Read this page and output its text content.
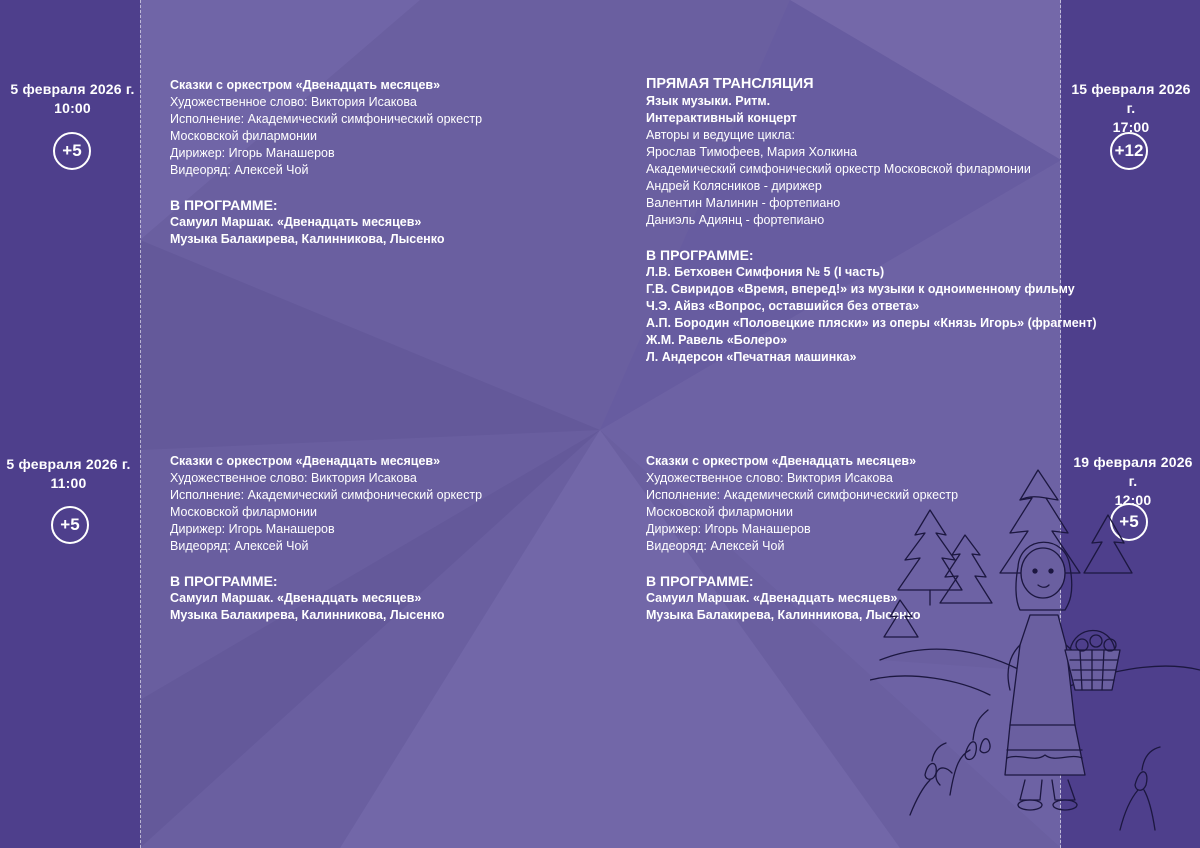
5 февраля 2026 г.
10:00
+5
5 февраля 2026 г.
11:00
+5
15 февраля 2026 г.
17:00
+12
19 февраля 2026 г.
12:00
+5
Сказки с оркестром «Двенадцать месяцев»
Художественное слово: Виктория Исакова
Исполнение: Академический симфонический оркестр
Московской филармонии
Дирижер: Игорь Манашеров
Видеоряд: Алексей Чой
В ПРОГРАММЕ:
Самуил Маршак. «Двенадцать месяцев»
Музыка Балакирева, Калинникова, Лысенко
Сказки с оркестром «Двенадцать месяцев»
Художественное слово: Виктория Исакова
Исполнение: Академический симфонический оркестр
Московской филармонии
Дирижер: Игорь Манашеров
Видеоряд: Алексей Чой
В ПРОГРАММЕ:
Самуил Маршак. «Двенадцать месяцев»
Музыка Балакирева, Калинникова, Лысенко
ПРЯМАЯ ТРАНСЛЯЦИЯ
Язык музыки. Ритм.
Интерактивный концерт
Авторы и ведущие цикла:
Ярослав Тимофеев, Мария Холкина
Академический симфонический оркестр Московской филармонии
Андрей Колясников - дирижер
Валентин Малинин - фортепиано
Даниэль Адиянц - фортепиано
В ПРОГРАММЕ:
Л.В. Бетховен Симфония № 5 (I часть)
Г.В. Свиридов «Время, вперед!» из музыки к одноименному фильму
Ч.Э. Айвз «Вопрос, оставшийся без ответа»
А.П. Бородин «Половецкие пляски» из оперы «Князь Игорь» (фрагмент)
Ж.М. Равель «Болеро»
Л. Андерсон «Печатная машинка»
Сказки с оркестром «Двенадцать месяцев»
Художественное слово: Виктория Исакова
Исполнение: Академический симфонический оркестр
Московской филармонии
Дирижер: Игорь Манашеров
Видеоряд: Алексей Чой
В ПРОГРАММЕ:
Самуил Маршак. «Двенадцать месяцев»
Музыка Балакирева, Калинникова, Лысенко
